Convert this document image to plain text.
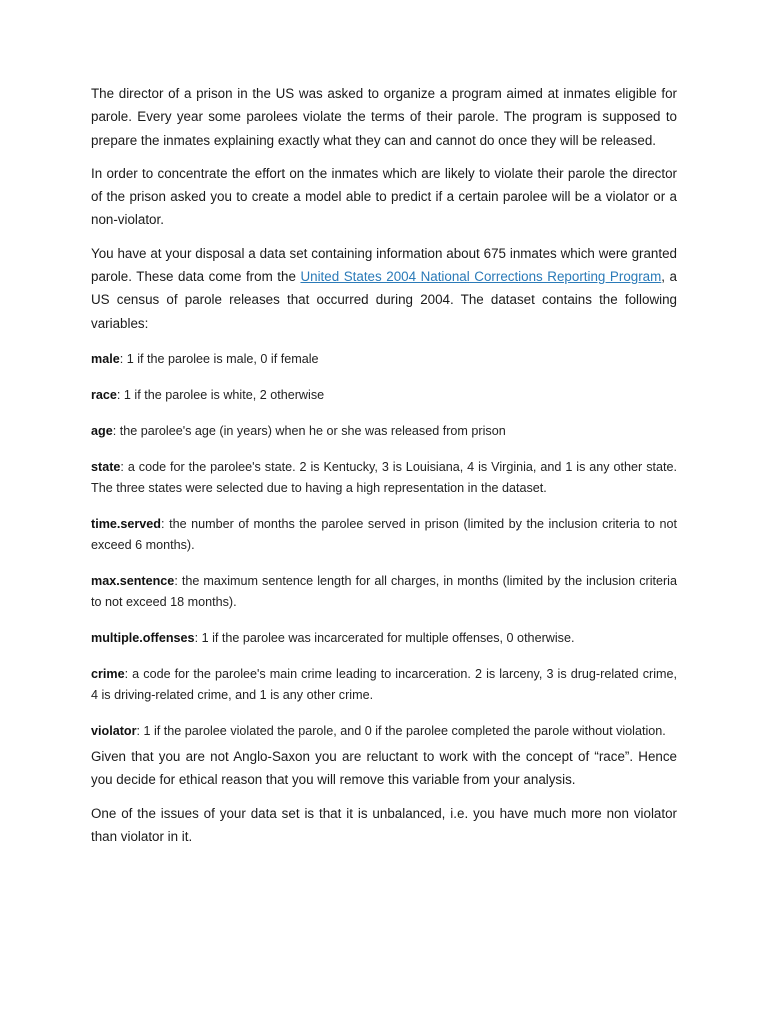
The director of a prison in the US was asked to organize a program aimed at inmates eligible for parole. Every year some parolees violate the terms of their parole. The program is supposed to prepare the inmates explaining exactly what they can and cannot do once they will be released.

In order to concentrate the effort on the inmates which are likely to violate their parole the director of the prison asked you to create a model able to predict if a certain parolee will be a violator or a non-violator.

You have at your disposal a data set containing information about 675 inmates which were granted parole. These data come from the United States 2004 National Corrections Reporting Program, a US census of parole releases that occurred during 2004. The dataset contains the following variables:

male: 1 if the parolee is male, 0 if female

race: 1 if the parolee is white, 2 otherwise

age: the parolee's age (in years) when he or she was released from prison

state: a code for the parolee's state. 2 is Kentucky, 3 is Louisiana, 4 is Virginia, and 1 is any other state. The three states were selected due to having a high representation in the dataset.

time.served: the number of months the parolee served in prison (limited by the inclusion criteria to not exceed 6 months).

max.sentence: the maximum sentence length for all charges, in months (limited by the inclusion criteria to not exceed 18 months).

multiple.offenses: 1 if the parolee was incarcerated for multiple offenses, 0 otherwise.

crime: a code for the parolee's main crime leading to incarceration. 2 is larceny, 3 is drug-related crime, 4 is driving-related crime, and 1 is any other crime.

violator: 1 if the parolee violated the parole, and 0 if the parolee completed the parole without violation.

Given that you are not Anglo-Saxon you are reluctant to work with the concept of “race”. Hence you decide for ethical reason that you will remove this variable from your analysis.

One of the issues of your data set is that it is unbalanced, i.e. you have much more non violator than violator in it.
